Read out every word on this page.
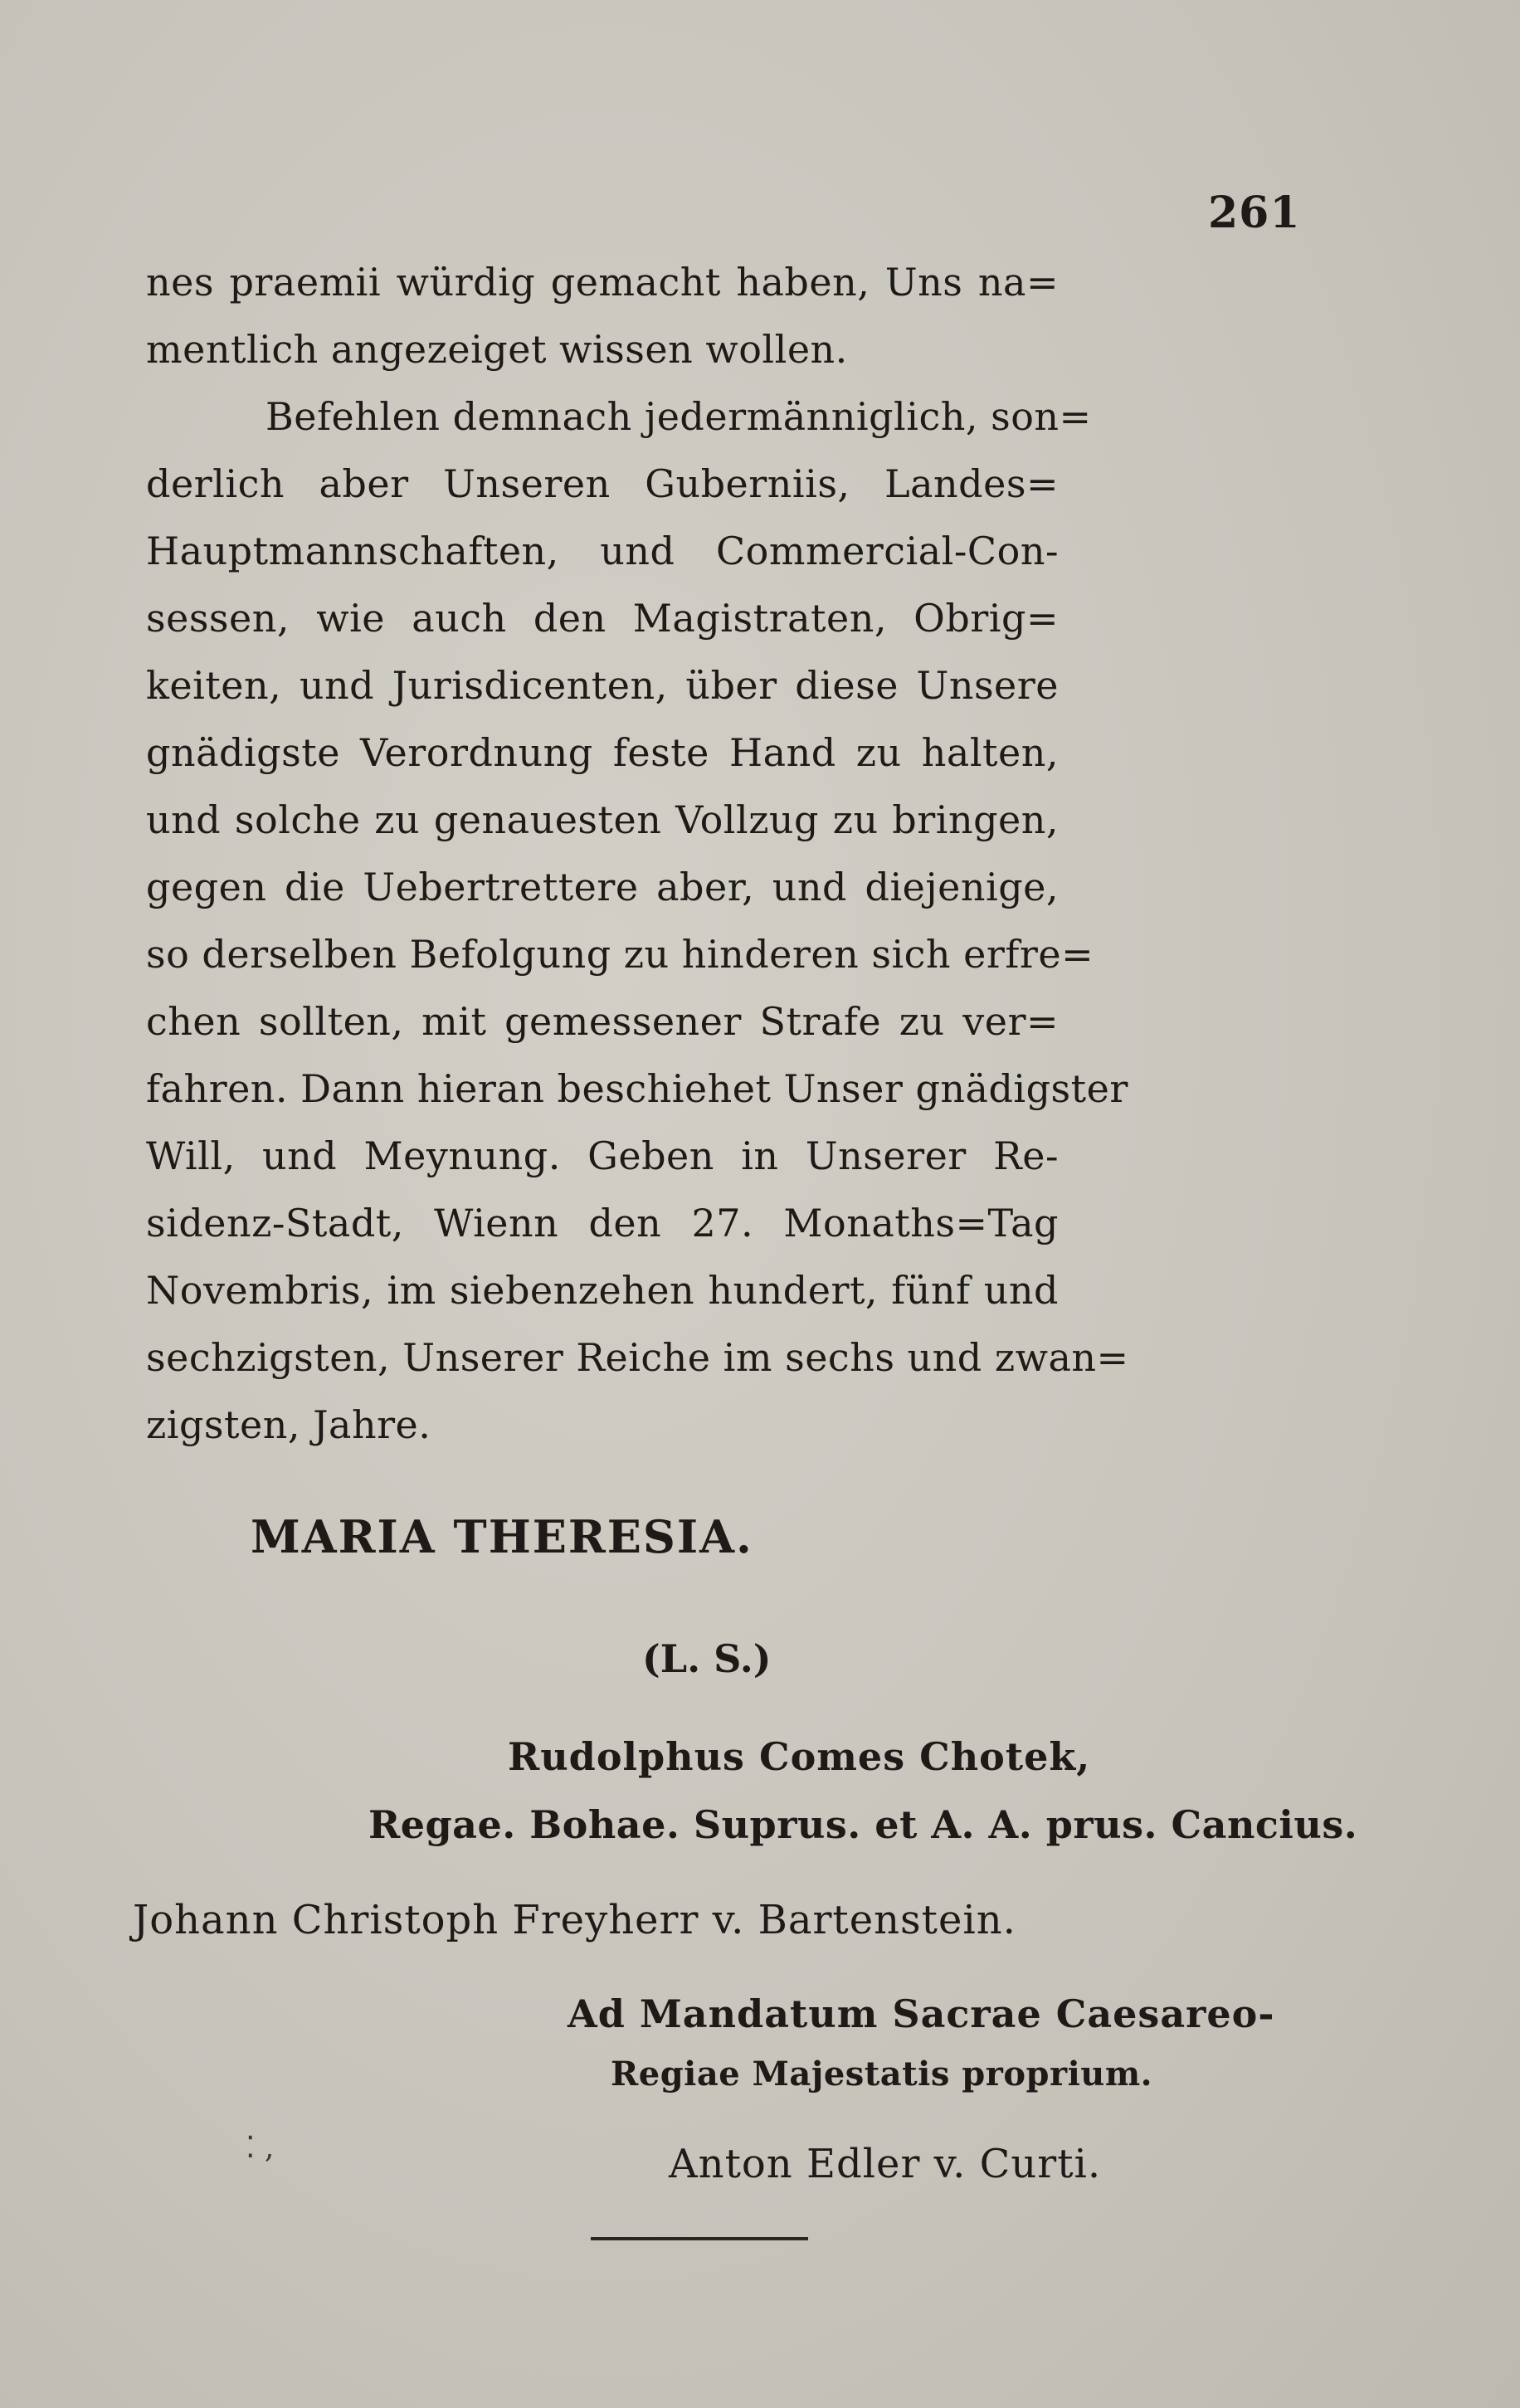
261
nes praemii würdig gemacht haben, Uns na=
mentlich angezeiget wissen wollen.
Befehlen demnach jedermänniglich, son=
derlich aber Unseren Guberniis, Landes=
Hauptmannschaften, und Commercial-Con-
sessen, wie auch den Magistraten, Obrig=
keiten, und Jurisdicenten, über diese Unsere
gnädigste Verordnung feste Hand zu halten,
und solche zu genauesten Vollzug zu bringen,
gegen die Uebertrettere aber, und diejenige,
so derselben Befolgung zu hinderen sich erfre=
chen sollten, mit gemessener Strafe zu ver=
fahren. Dann hieran beschiehet Unser gnädigster
Will, und Meynung. Geben in Unserer Re-
sidenz-Stadt, Wienn den 27. Monaths=Tag
Novembris, im siebenzehen hundert, fünf und
sechzigsten, Unserer Reiche im sechs und zwan=
zigsten, Jahre.
MARIA THERESIA.
(L. S.)
Rudolphus Comes Chotek,
Regae. Bohae. Suprus. et A. A. prus. Cancius.
Johann Christoph Freyherr v. Bartenstein.
Ad Mandatum Sacrae Caesareo-
Regiae Majestatis proprium.
⁚ ,	Anton Edler v. Curti.
